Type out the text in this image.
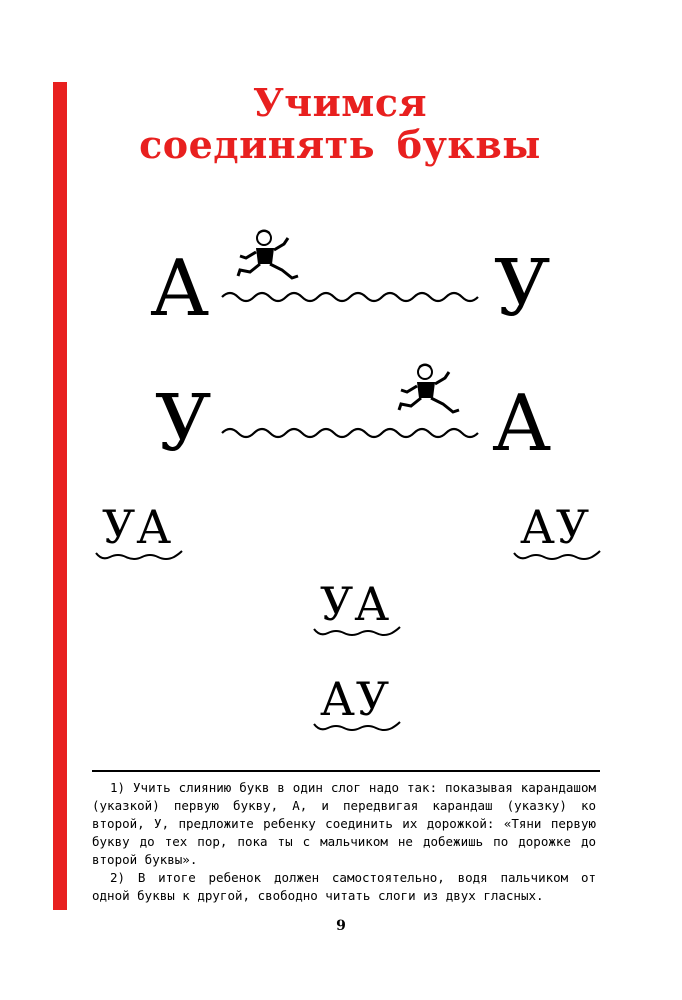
Учимся
соединять буквы
А	У
У	А
УА	АУ
УА
АУ

1) Учить слиянию букв в один слог надо так: показывая карандашом (указкой) первую букву, А, и передвигая карандаш (указку) ко второй, У, предложите ребенку соединить их дорожкой: «Тяни первую букву до тех пор, пока ты с мальчиком не добежишь по дорожке до второй буквы».

2) В итоге ребенок должен самостоятельно, водя пальчиком от одной буквы к другой, свободно читать слоги из двух гласных.

9
